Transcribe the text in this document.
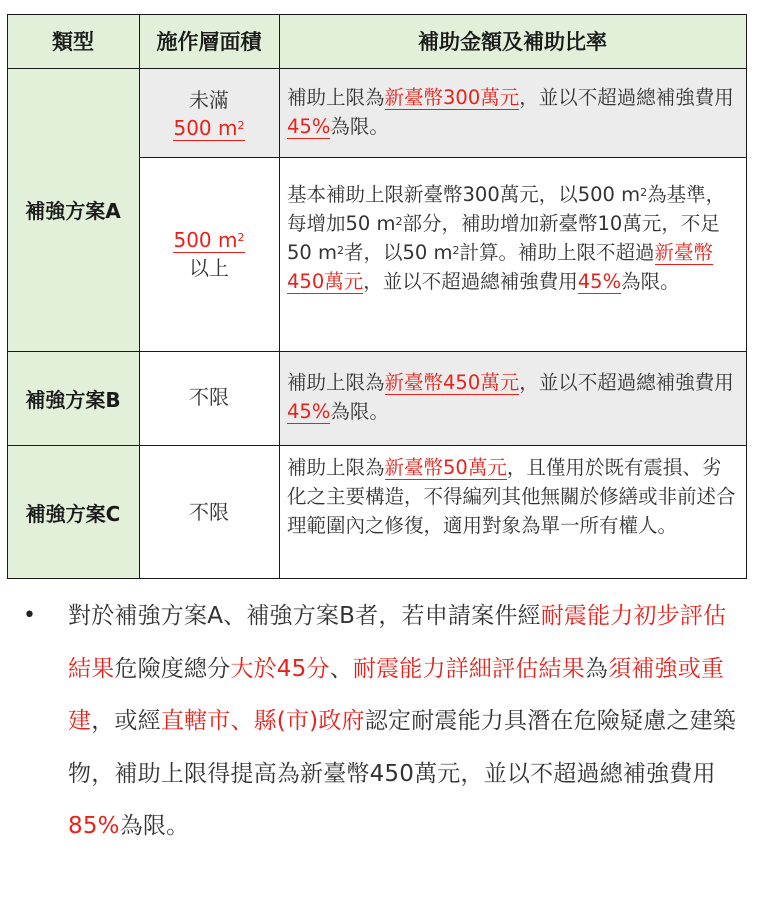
類型	施作層面積	補助金額及補助比率
補強方案A
補強方案B
補強方案C
未滿
500 $m^2$
補助上限為新臺幣300萬元，並以不超過總補強費用45%為限。
500 $m^2$
以上
基本補助上限新臺幣300萬元，以500 $m^2$為基準，每增加50 $m^2$部分，補助增加新臺幣10萬元，不足50 $m^2$者，以50 $m^2$計算。補助上限不超過新臺幣450萬元，並以不超過總補強費用45%為限。
不限
補助上限為新臺幣450萬元，並以不超過總補強費用45%為限。
不限
補助上限為新臺幣50萬元，且僅用於既有震損、劣化之主要構造，不得編列其他無關於修繕或非前述合理範圍內之修復，適用對象為單一所有權人。
• 對於補強方案A、補強方案B者，若申請案件經耐震能力初步評估結果危險度總分大於45分、耐震能力詳細評估結果為須補強或重建，或經直轄市、縣(市)政府認定耐震能力具潛在危險疑慮之建築物，補助上限得提高為新臺幣450萬元，並以不超過總補強費用85%為限。
